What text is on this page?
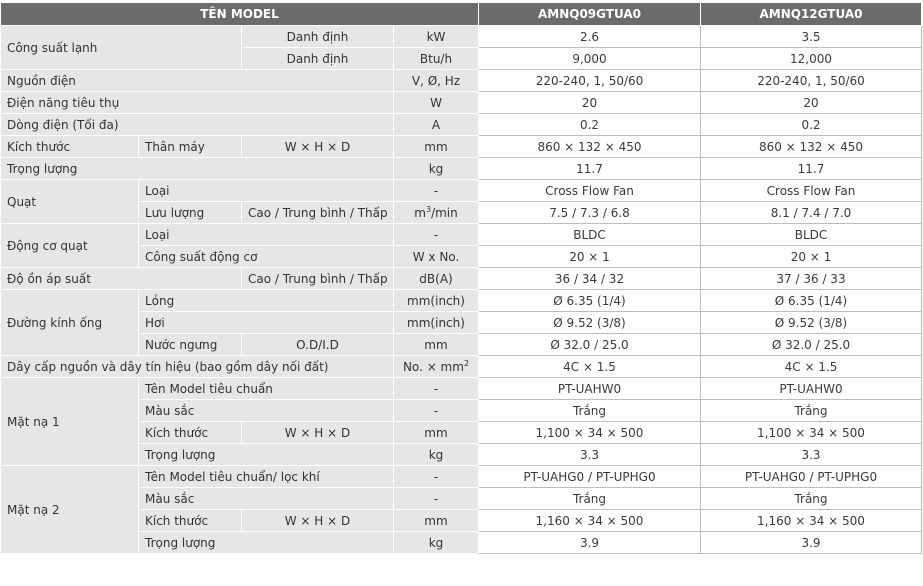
TÊN MODEL				AMNQ09GTUA0	AMNQ12GTUA0
Công suất lạnh		Danh định	kW	2.6	3.5
		Danh định	Btu/h	9,000	12,000
Nguồn điện			V, Ø, Hz	220-240, 1, 50/60	220-240, 1, 50/60
Điện năng tiêu thụ			W	20	20
Dòng điện (Tối đa)			A	0.2	0.2
Kích thước	Thân máy	W × H × D	mm	860 × 132 × 450	860 × 132 × 450
Trọng lượng			kg	11.7	11.7
Quạt	Loại		-	Cross Flow Fan	Cross Flow Fan
	Lưu lượng	Cao / Trung bình / Thấp	$m^3/\min$	7.5 / 7.3 / 6.8	8.1 / 7.4 / 7.0
Động cơ quạt	Loại		-	BLDC	BLDC
	Công suất động cơ		W x No.	20 × 1	20 × 1
Độ ồn áp suất		Cao / Trung bình / Thấp	dB(A)	36 / 34 / 32	37 / 36 / 33
Đường kính ống	Lỏng		mm(inch)	Ø 6.35 (1/4)	Ø 6.35 (1/4)
	Hơi		mm(inch)	Ø 9.52 (3/8)	Ø 9.52 (3/8)
	Nước ngưng	O.D/I.D	mm	Ø 32.0 / 25.0	Ø 32.0 / 25.0
Dây cấp nguồn và dây tín hiệu (bao gồm dây nối đất)			No. × $mm^2$	4C × 1.5	4C × 1.5
Mặt nạ 1	Tên Model tiêu chuẩn		-	PT-UAHW0	PT-UAHW0
	Màu sắc		-	Trắng	Trắng
	Kích thước	W × H × D	mm	1,100 × 34 × 500	1,100 × 34 × 500
	Trọng lượng		kg	3.3	3.3
Mặt nạ 2	Tên Model tiêu chuẩn/ lọc khí		-	PT-UAHG0 / PT-UPHG0	PT-UAHG0 / PT-UPHG0
	Màu sắc		-	Trắng	Trắng
	Kích thước	W × H × D	mm	1,160 × 34 × 500	1,160 × 34 × 500
	Trọng lượng		kg	3.9	3.9
